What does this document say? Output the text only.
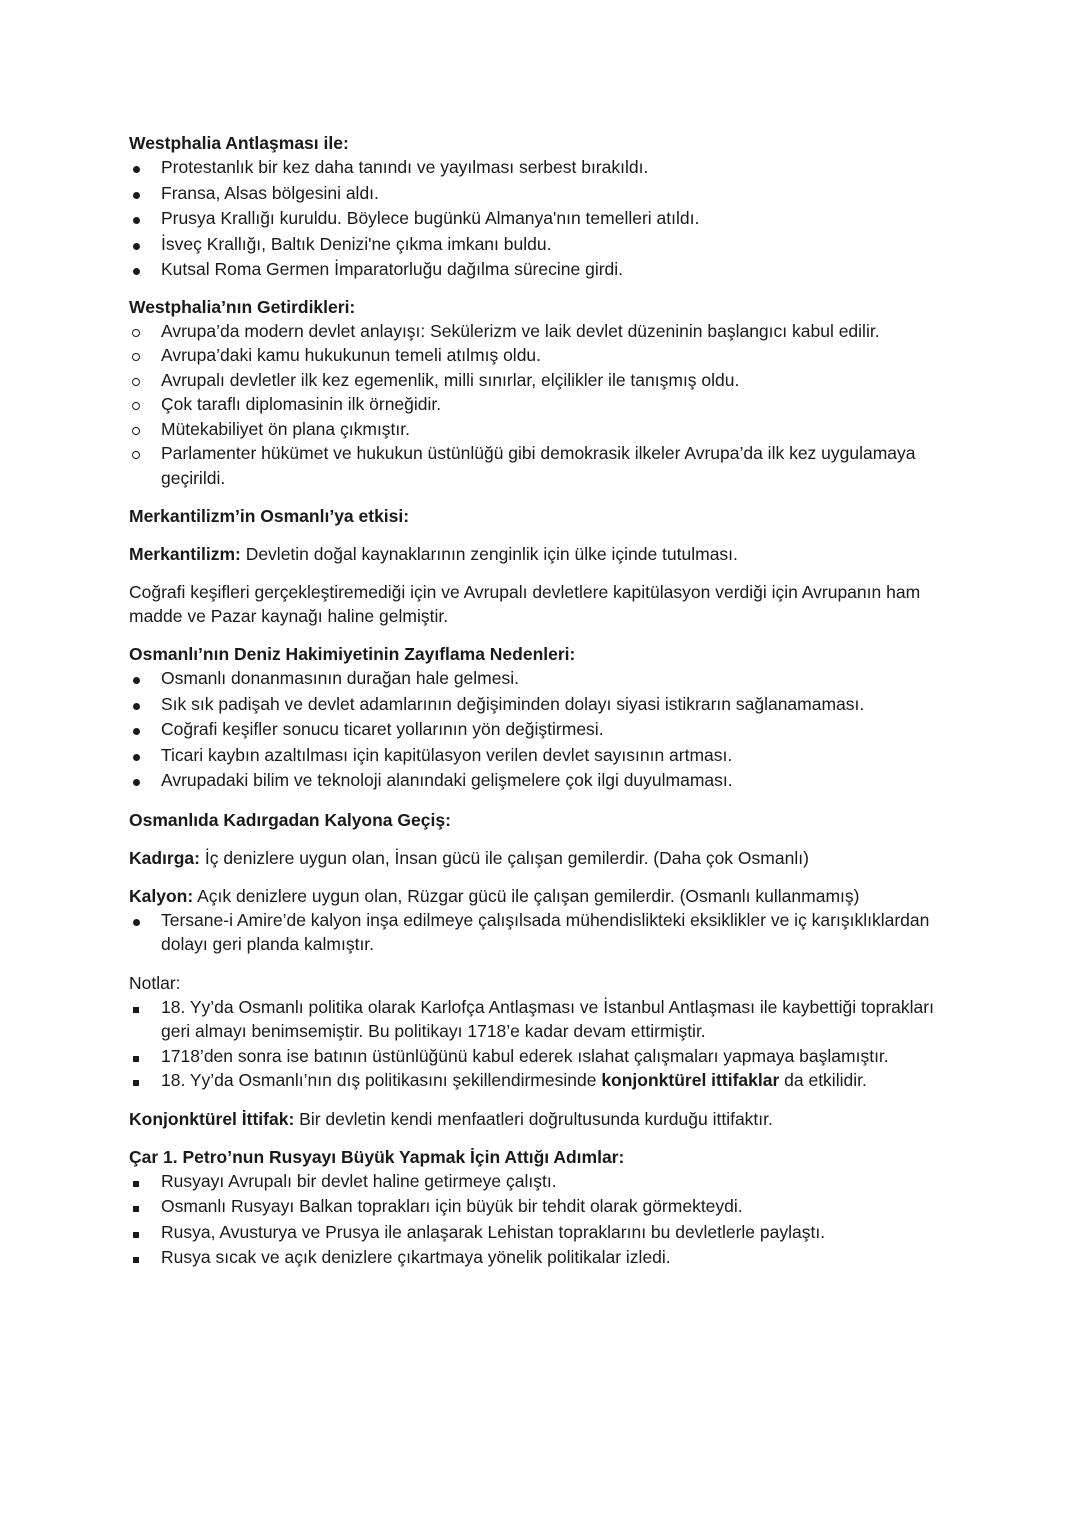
Westphalia Antlaşması ile:

Protestanlık bir kez daha tanındı ve yayılması serbest bırakıldı.
Fransa, Alsas bölgesini aldı.
Prusya Krallığı kuruldu. Böylece bugünkü Almanya'nın temelleri atıldı.
İsveç Krallığı, Baltık Denizi'ne çıkma imkanı buldu.
Kutsal Roma Germen İmparatorluğu dağılma sürecine girdi.

Westphalia’nın Getirdikleri:

Avrupa’da modern devlet anlayışı: Sekülerizm ve laik devlet düzeninin başlangıcı kabul edilir.
Avrupa’daki kamu hukukunun temeli atılmış oldu.
Avrupalı devletler ilk kez egemenlik, milli sınırlar, elçilikler ile tanışmış oldu.
Çok taraflı diplomasinin ilk örneğidir.
Mütekabiliyet ön plana çıkmıştır.
Parlamenter hükümet ve hukukun üstünlüğü gibi demokrasik ilkeler Avrupa’da ilk kez uygulamaya geçirildi.

Merkantilizm’in Osmanlı’ya etkisi:

Merkantilizm: Devletin doğal kaynaklarının zenginlik için ülke içinde tutulması.

Coğrafi keşifleri gerçekleştiremediği için ve Avrupalı devletlere kapitülasyon verdiği için Avrupanın ham madde ve Pazar kaynağı haline gelmiştir.

Osmanlı’nın Deniz Hakimiyetinin Zayıflama Nedenleri:

Osmanlı donanmasının durağan hale gelmesi.
Sık sık padişah ve devlet adamlarının değişiminden dolayı siyasi istikrarın sağlanamaması.
Coğrafi keşifler sonucu ticaret yollarının yön değiştirmesi.
Ticari kaybın azaltılması için kapitülasyon verilen devlet sayısının artması.
Avrupadaki bilim ve teknoloji alanındaki gelişmelere çok ilgi duyulmaması.

Osmanlıda Kadırgadan Kalyona Geçiş:

Kadırga: İç denizlere uygun olan, İnsan gücü ile çalışan gemilerdir. (Daha çok Osmanlı)

Kalyon: Açık denizlere uygun olan, Rüzgar gücü ile çalışan gemilerdir. (Osmanlı kullanmamış)

Tersane-i Amire’de kalyon inşa edilmeye çalışılsada mühendislikteki eksiklikler ve iç karışıklıklardan dolayı geri planda kalmıştır.

Notlar:

18. Yy’da Osmanlı politika olarak Karlofça Antlaşması ve İstanbul Antlaşması ile kaybettiği toprakları geri almayı benimsemiştir. Bu politikayı 1718’e kadar devam ettirmiştir.
1718’den sonra ise batının üstünlüğünü kabul ederek ıslahat çalışmaları yapmaya başlamıştır.
18. Yy’da Osmanlı’nın dış politikasını şekillendirmesinde konjonktürel ittifaklar da etkilidir.

Konjonktürel İttifak: Bir devletin kendi menfaatleri doğrultusunda kurduğu ittifaktır.

Çar 1. Petro’nun Rusyayı Büyük Yapmak İçin Attığı Adımlar:

Rusyayı Avrupalı bir devlet haline getirmeye çalıştı.
Osmanlı Rusyayı Balkan toprakları için büyük bir tehdit olarak görmekteydi.
Rusya, Avusturya ve Prusya ile anlaşarak Lehistan topraklarını bu devletlerle paylaştı.
Rusya sıcak ve açık denizlere çıkartmaya yönelik politikalar izledi.
